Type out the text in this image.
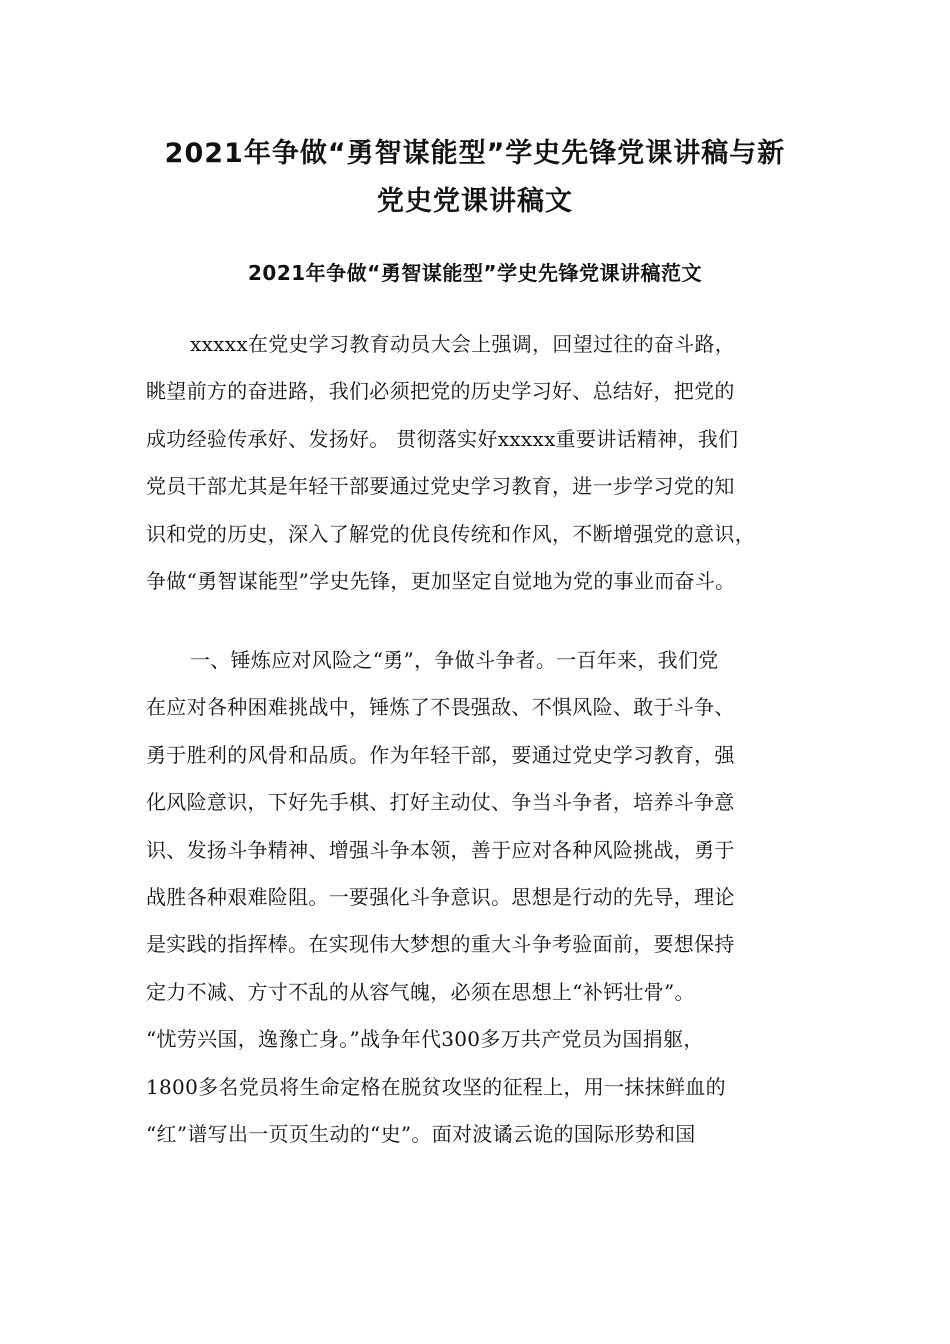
2021年争做“勇智谋能型”学史先锋党课讲稿与新
党史党课讲稿文
2021年争做“勇智谋能型”学史先锋党课讲稿范文
xxxxx在党史学习教育动员大会上强调，回望过往的奋斗路，
眺望前方的奋进路，我们必须把党的历史学习好、总结好，把党的
成功经验传承好、发扬好。 贯彻落实好xxxxx重要讲话精神，我们
党员干部尤其是年轻干部要通过党史学习教育，进一步学习党的知
识和党的历史，深入了解党的优良传统和作风，不断增强党的意识，
争做“勇智谋能型”学史先锋，更加坚定自觉地为党的事业而奋斗。
一、锤炼应对风险之“勇”，争做斗争者。一百年来，我们党
在应对各种困难挑战中，锤炼了不畏强敌、不惧风险、敢于斗争、
勇于胜利的风骨和品质。作为年轻干部，要通过党史学习教育，强
化风险意识，下好先手棋、打好主动仗、争当斗争者，培养斗争意
识、发扬斗争精神、增强斗争本领，善于应对各种风险挑战，勇于
战胜各种艰难险阻。一要强化斗争意识。思想是行动的先导，理论
是实践的指挥棒。在实现伟大梦想的重大斗争考验面前，要想保持
定力不减、方寸不乱的从容气魄，必须在思想上“补钙壮骨”。
“忧劳兴国，逸豫亡身。”战争年代300多万共产党员为国捐躯，
1800多名党员将生命定格在脱贫攻坚的征程上，用一抹抹鲜血的
“红”谱写出一页页生动的“史”。面对波谲云诡的国际形势和国
